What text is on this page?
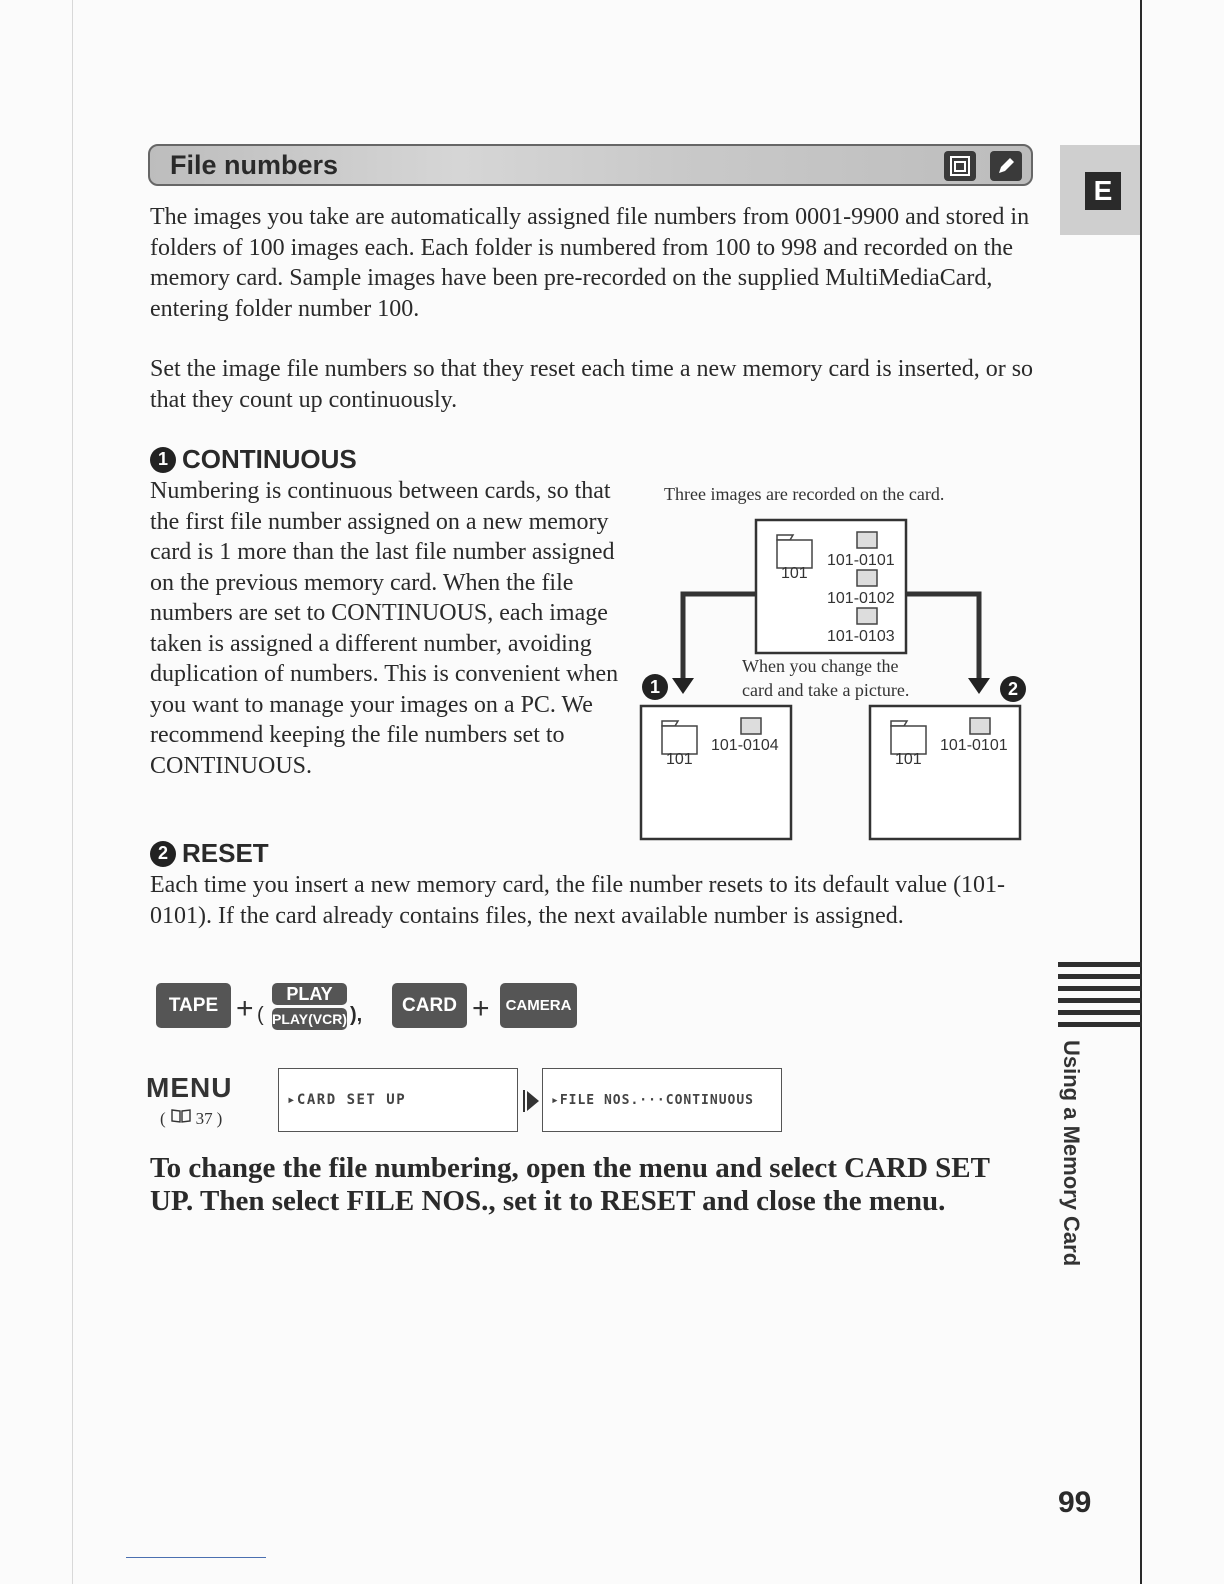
File numbers
E
The images you take are automatically assigned file numbers from 0001-9900 and stored in folders of 100 images each. Each folder is numbered from 100 to 998 and recorded on the memory card. Sample images have been pre-recorded on the supplied MultiMediaCard, entering folder number 100.
Set the image file numbers so that they reset each time a new memory card is inserted, or so that they count up continuously.
1 CONTINUOUS
Numbering is continuous between cards, so that the first file number assigned on a new memory card is 1 more than the last file number assigned on the previous memory card. When the file numbers are set to CONTINUOUS, each image taken is assigned a different number, avoiding duplication of numbers. This is convenient when you want to manage your images on a PC. We recommend keeping the file numbers set to CONTINUOUS.
Three images are recorded on the card.
101
101-0101
101-0102
101-0103
When you change the
card and take a picture.
1	2
101
101-0104
101
101-0101
2 RESET
Each time you insert a new memory card, the file number resets to its default value (101-0101). If the card already contains files, the next available number is assigned.
TAPE + (
PLAY
PLAY(VCR) ),	CARD +	CAMERA
MENU
( 37 )
▸CARD SET UP	▸FILE NOS.···CONTINUOUS
To change the file numbering, open the menu and select CARD SET UP. Then select FILE NOS., set it to RESET and close the menu.	Using a Memory Card
99
